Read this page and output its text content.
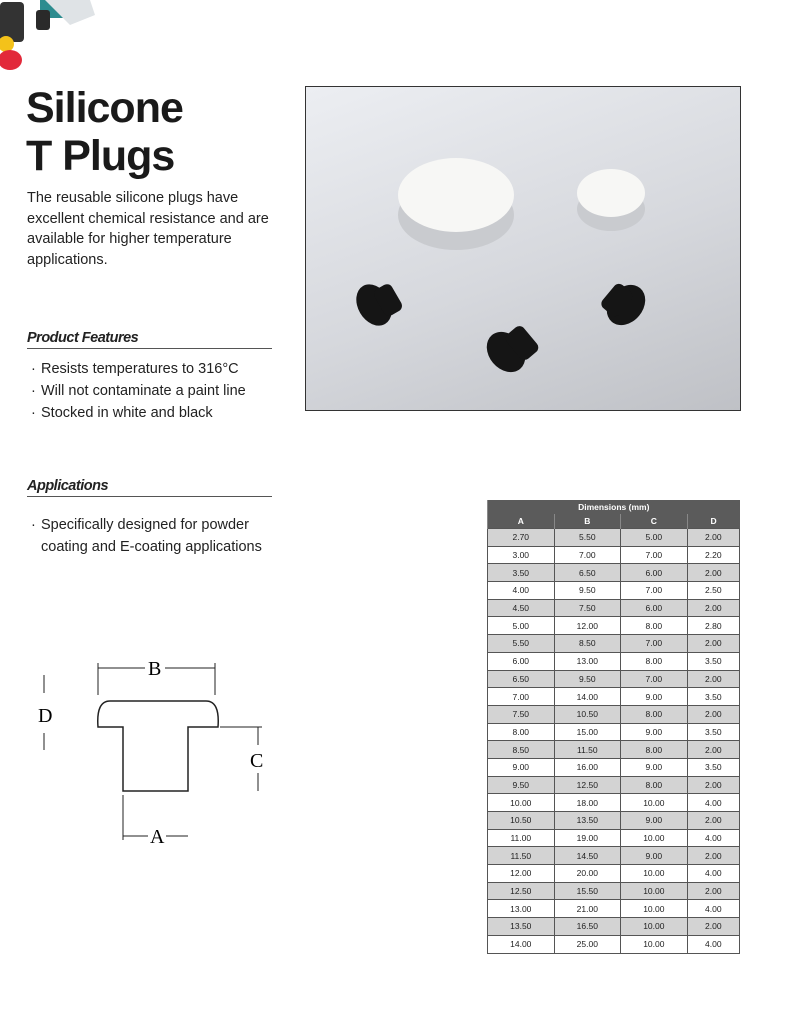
Silicone
T Plugs
The reusable silicone plugs have excellent chemical resistance and are available for higher temperature applications.
Product Features
· Resists temperatures to 316°C
· Will not contaminate a paint line
· Stocked in white and black
Applications
· Specifically designed for powder coating and E-coating applications
B
A
D
C
Dimensions (mm)			
A	B	C	D
2.70	5.50	5.00	2.00
3.00	7.00	7.00	2.20
3.50	6.50	6.00	2.00
4.00	9.50	7.00	2.50
4.50	7.50	6.00	2.00
5.00	12.00	8.00	2.80
5.50	8.50	7.00	2.00
6.00	13.00	8.00	3.50
6.50	9.50	7.00	2.00
7.00	14.00	9.00	3.50
7.50	10.50	8.00	2.00
8.00	15.00	9.00	3.50
8.50	11.50	8.00	2.00
9.00	16.00	9.00	3.50
9.50	12.50	8.00	2.00
10.00	18.00	10.00	4.00
10.50	13.50	9.00	2.00
11.00	19.00	10.00	4.00
11.50	14.50	9.00	2.00
12.00	20.00	10.00	4.00
12.50	15.50	10.00	2.00
13.00	21.00	10.00	4.00
13.50	16.50	10.00	2.00
14.00	25.00	10.00	4.00
